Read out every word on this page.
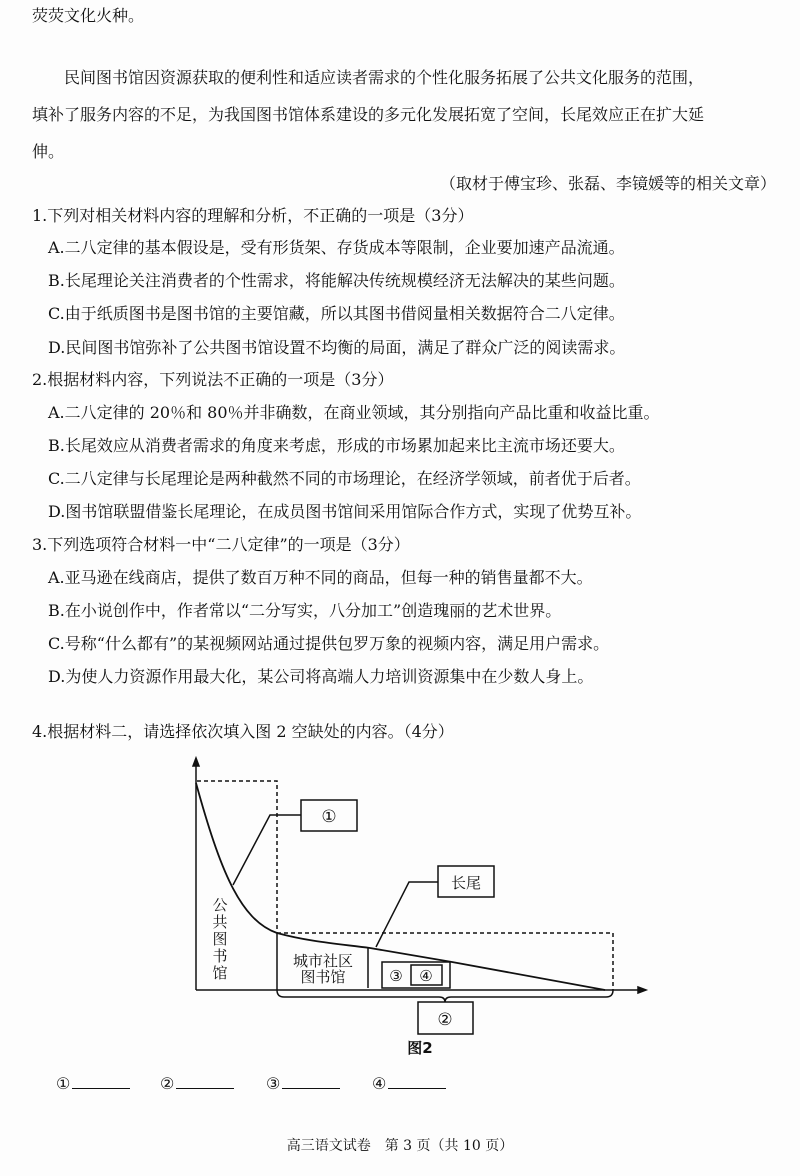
荧荧文化火种。
民间图书馆因资源获取的便利性和适应读者需求的个性化服务拓展了公共文化服务的范围，
填补了服务内容的不足，为我国图书馆体系建设的多元化发展拓宽了空间，长尾效应正在扩大延
伸。
（取材于傅宝珍、张磊、李镜媛等的相关文章）
1.下列对相关材料内容的理解和分析，不正确的一项是（3分）
A.二八定律的基本假设是，受有形货架、存货成本等限制，企业要加速产品流通。
B.长尾理论关注消费者的个性需求，将能解决传统规模经济无法解决的某些问题。
C.由于纸质图书是图书馆的主要馆藏，所以其图书借阅量相关数据符合二八定律。
D.民间图书馆弥补了公共图书馆设置不均衡的局面，满足了群众广泛的阅读需求。
2.根据材料内容，下列说法不正确的一项是（3分）
A.二八定律的 20％和 80％并非确数，在商业领域，其分别指向产品比重和收益比重。
B.长尾效应从消费者需求的角度来考虑，形成的市场累加起来比主流市场还要大。
C.二八定律与长尾理论是两种截然不同的市场理论，在经济学领域，前者优于后者。
D.图书馆联盟借鉴长尾理论，在成员图书馆间采用馆际合作方式，实现了优势互补。
3.下列选项符合材料一中“二八定律”的一项是（3分）
A.亚马逊在线商店，提供了数百万种不同的商品，但每一种的销售量都不大。
B.在小说创作中，作者常以“二分写实，八分加工”创造瑰丽的艺术世界。
C.号称“什么都有”的某视频网站通过提供包罗万象的视频内容，满足用户需求。
D.为使人力资源作用最大化，某公司将高端人力培训资源集中在少数人身上。
4.根据材料二，请选择依次填入图 2 空缺处的内容。（4分）
①
长尾
③ ④
②
公
共
图
书
馆
城市社区
图书馆
图2
①	②	③	④
高三语文试卷　第 3 页（共 10 页）
